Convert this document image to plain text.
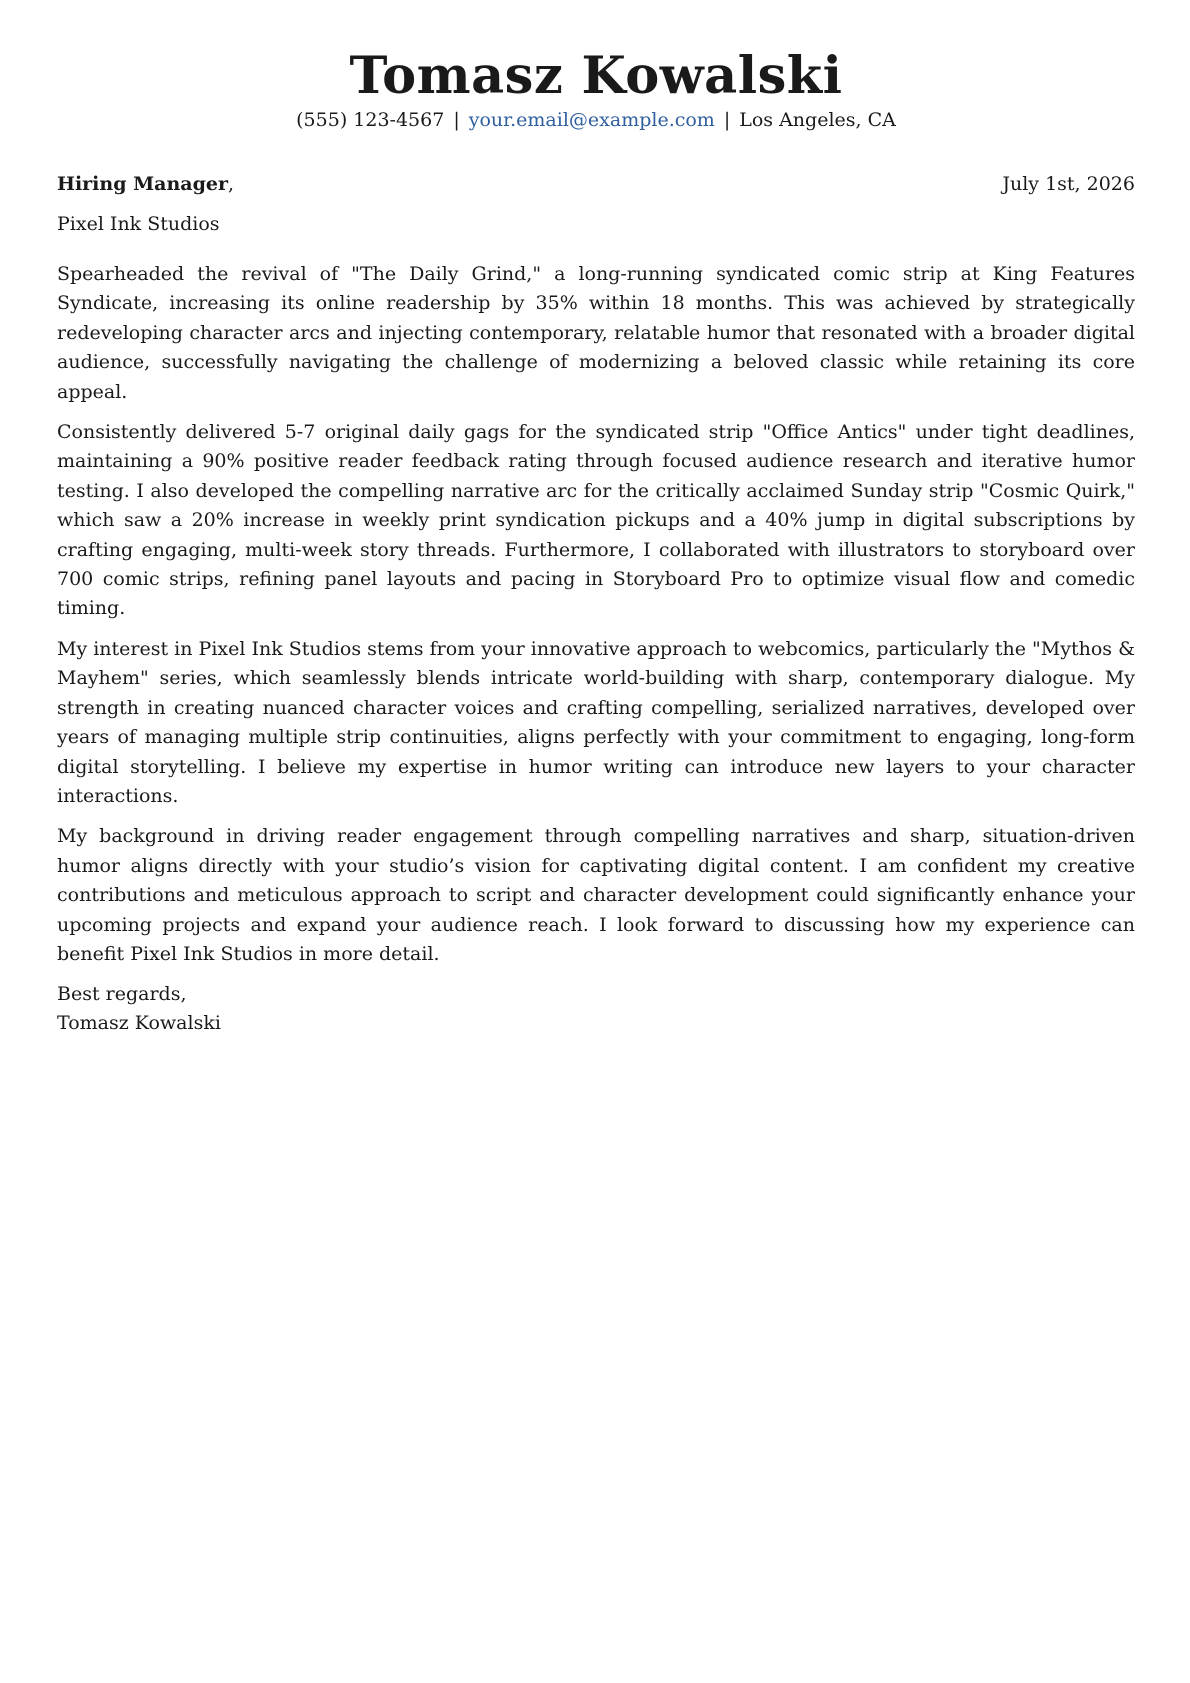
Tomasz Kowalski
(555) 123-4567 | your.email@example.com | Los Angeles, CA
Hiring Manager,	July 1st, 2026
Pixel Ink Studios

Spearheaded the revival of "The Daily Grind," a long-running syndicated comic strip at King Features Syndicate, increasing its online readership by 35% within 18 months. This was achieved by strategically redeveloping character arcs and injecting contemporary, relatable humor that resonated with a broader digital audience, successfully navigating the challenge of modernizing a beloved classic while retaining its core appeal.

Consistently delivered 5-7 original daily gags for the syndicated strip "Office Antics" under tight deadlines, maintaining a 90% positive reader feedback rating through focused audience research and iterative humor testing. I also developed the compelling narrative arc for the critically acclaimed Sunday strip "Cosmic Quirk," which saw a 20% increase in weekly print syndication pickups and a 40% jump in digital subscriptions by crafting engaging, multi-week story threads. Furthermore, I collaborated with illustrators to storyboard over 700 comic strips, refining panel layouts and pacing in Storyboard Pro to optimize visual flow and comedic timing.

My interest in Pixel Ink Studios stems from your innovative approach to webcomics, particularly the "Mythos & Mayhem" series, which seamlessly blends intricate world-building with sharp, contemporary dialogue. My strength in creating nuanced character voices and crafting compelling, serialized narratives, developed over years of managing multiple strip continuities, aligns perfectly with your commitment to engaging, long-form digital storytelling. I believe my expertise in humor writing can introduce new layers to your character interactions.

My background in driving reader engagement through compelling narratives and sharp, situation-driven humor aligns directly with your studio’s vision for captivating digital content. I am confident my creative contributions and meticulous approach to script and character development could significantly enhance your upcoming projects and expand your audience reach. I look forward to discussing how my experience can benefit Pixel Ink Studios in more detail.

Best regards,
Tomasz Kowalski
